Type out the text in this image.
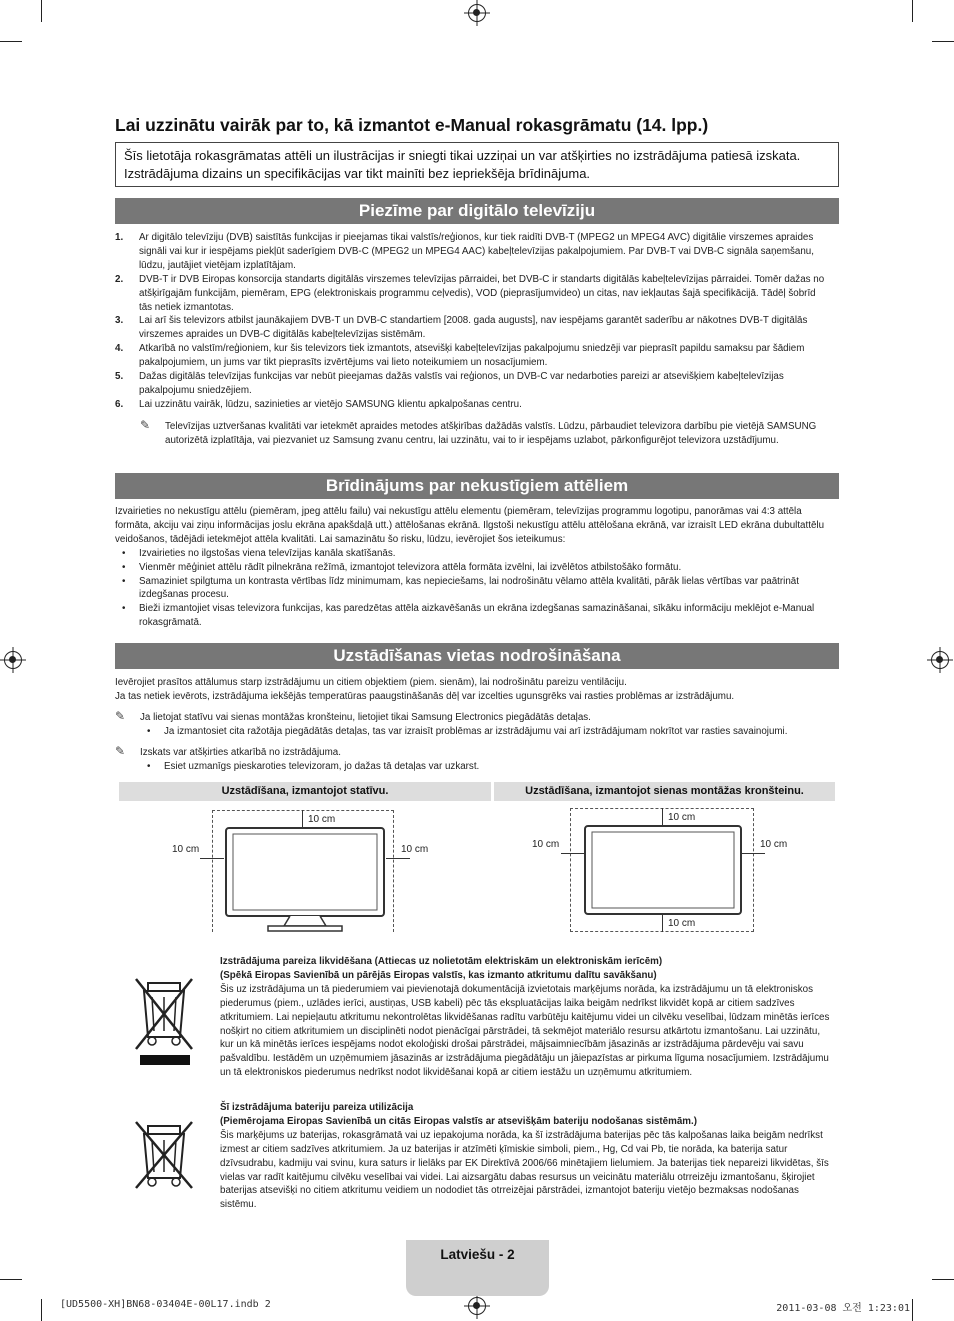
Lai uzzinātu vairāk par to, kā izmantot e-Manual rokasgrāmatu (14. lpp.)
Šīs lietotāja rokasgrāmatas attēli un ilustrācijas ir sniegti tikai uzziņai un var atšķirties no izstrādājuma patiesā izskata. Izstrādājuma dizains un specifikācijas var tikt mainīti bez iepriekšēja brīdinājuma.
Piezīme par digitālo televīziju
1. Ar digitālo televīziju (DVB) saistītās funkcijas ir pieejamas tikai valstīs/reģionos, kur tiek raidīti DVB-T (MPEG2 un MPEG4 AVC) digitālie virszemes apraides signāli vai kur ir iespējams piekļūt saderīgiem DVB-C (MPEG2 un MPEG4 AAC) kabeļtelevīzijas pakalpojumiem. Par DVB-T vai DVB-C signāla saņemšanu, lūdzu, jautājiet vietējam izplatītājam.
2. DVB-T ir DVB Eiropas konsorcija standarts digitālās virszemes televīzijas pārraidei, bet DVB-C ir standarts digitālās kabeļtelevīzijas pārraidei. Tomēr dažas no atšķirīgajām funkcijām, piemēram, EPG (elektroniskais programmu ceļvedis), VOD (pieprasījumvideo) un citas, nav iekļautas šajā specifikācijā. Tādēļ šobrīd tās netiek izmantotas.
3. Lai arī šis televizors atbilst jaunākajiem DVB-T un DVB-C standartiem [2008. gada augusts], nav iespējams garantēt saderību ar nākotnes DVB-T digitālās virszemes apraides un DVB-C digitālās kabeļtelevīzijas sistēmām.
4. Atkarībā no valstīm/reģioniem, kur šis televizors tiek izmantots, atsevišķi kabeļtelevīzijas pakalpojumu sniedzēji var pieprasīt papildu samaksu par šādiem pakalpojumiem, un jums var tikt pieprasīts izvērtējums vai lieto noteikumiem un nosacījumiem.
5. Dažas digitālās televīzijas funkcijas var nebūt pieejamas dažās valstīs vai reģionos, un DVB-C var nedarboties pareizi ar atsevišķiem kabeļtelevīzijas pakalpojumu sniedzējiem.
6. Lai uzzinātu vairāk, lūdzu, sazinieties ar vietējo SAMSUNG klientu apkalpošanas centru.
✎ Televīzijas uztveršanas kvalitāti var ietekmēt apraides metodes atšķirības dažādās valstīs. Lūdzu, pārbaudiet televizora darbību pie vietējā SAMSUNG autorizētā izplatītāja, vai piezvaniet uz Samsung zvanu centru, lai uzzinātu, vai to ir iespējams uzlabot, pārkonfigurējot televizora uzstādījumu.
Brīdinājums par nekustīgiem attēliem
Izvairieties no nekustīgu attēlu (piemēram, jpeg attēlu failu) vai nekustīgu attēlu elementu (piemēram, televīzijas programmu logotipu, panorāmas vai 4:3 attēla formāta, akciju vai ziņu informācijas joslu ekrāna apakšdaļā utt.) attēlošanas ekrānā. Ilgstoši nekustīgu attēlu attēlošana ekrānā, var izraisīt LED ekrāna dubultattēlu veidošanos, tādējādi ietekmējot attēla kvalitāti. Lai samazinātu šo risku, lūdzu, ievērojiet šos ieteikumus:
• Izvairieties no ilgstošas viena televīzijas kanāla skatīšanās.
• Vienmēr mēģiniet attēlu rādīt pilnekrāna režīmā, izmantojot televizora attēla formāta izvēlni, lai izvēlētos atbilstošāko formātu.
• Samaziniet spilgtuma un kontrasta vērtības līdz minimumam, kas nepieciešams, lai nodrošinātu vēlamo attēla kvalitāti, pārāk lielas vērtības var paātrināt izdegšanas procesu.
• Bieži izmantojiet visas televizora funkcijas, kas paredzētas attēla aizkavēšanās un ekrāna izdegšanas samazināšanai, sīkāku informāciju meklējot e-Manual rokasgrāmatā.
Uzstādīšanas vietas nodrošināšana
Ievērojiet prasītos attālumus starp izstrādājumu un citiem objektiem (piem. sienām), lai nodrošinātu pareizu ventilāciju.
Ja tas netiek ievērots, izstrādājuma iekšējās temperatūras paaugstināšanās dēļ var izcelties ugunsgrēks vai rasties problēmas ar izstrādājumu.
✎ Ja lietojat statīvu vai sienas montāžas kronšteinu, lietojiet tikai Samsung Electronics piegādātās detaļas.
• Ja izmantosiet cita ražotāja piegādātās detaļas, tas var izraisīt problēmas ar izstrādājumu vai arī izstrādājumam nokrītot var rasties savainojumi.
✎ Izskats var atšķirties atkarībā no izstrādājuma.
• Esiet uzmanīgs pieskaroties televizoram, jo dažas tā detaļas var uzkarst.
Uzstādīšana, izmantojot statīvu.	Uzstādīšana, izmantojot sienas montāžas kronšteinu.
10 cm
10 cm	10 cm
10 cm
10 cm
10 cm	10 cm
Izstrādājuma pareiza likvidēšana (Attiecas uz nolietotām elektriskām un elektroniskām ierīcēm)
(Spēkā Eiropas Savienībā un pārējās Eiropas valstīs, kas izmanto atkritumu dalītu savākšanu)
Šis uz izstrādājuma un tā piederumiem vai pievienotajā dokumentācijā izvietotais marķējums norāda, ka izstrādājumu un tā elektroniskos piederumus (piem., uzlādes ierīci, austiņas, USB kabeli) pēc tās ekspluatācijas laika beigām nedrīkst likvidēt kopā ar citiem sadzīves atkritumiem. Lai nepieļautu atkritumu nekontrolētas likvidēšanas radītu varbūtēju kaitējumu videi un cilvēku veselībai, lūdzam minētās ierīces nošķirt no citiem atkritumiem un disciplinēti nodot pienācīgai pārstrādei, tā sekmējot materiālo resursu atkārtotu izmantošanu. Lai uzzinātu, kur un kā minētās ierīces iespējams nodot ekoloģiski drošai pārstrādei, mājsaimniecībām jāsazinās ar izstrādājuma pārdevēju vai savu pašvaldību. Iestādēm un uzņēmumiem jāsazinās ar izstrādājuma piegādātāju un jāiepazīstas ar pirkuma līguma nosacījumiem. Izstrādājumu un tā elektroniskos piederumus nedrīkst nodot likvidēšanai kopā ar citiem iestāžu un uzņēmumu atkritumiem.
Šī izstrādājuma bateriju pareiza utilizācija
(Piemērojama Eiropas Savienībā un citās Eiropas valstīs ar atsevišķām bateriju nodošanas sistēmām.)
Šis marķējums uz baterijas, rokasgrāmatā vai uz iepakojuma norāda, ka šī izstrādājuma baterijas pēc tās kalpošanas laika beigām nedrīkst izmest ar citiem sadzīves atkritumiem. Ja uz baterijas ir atzīmēti ķīmiskie simboli, piem., Hg, Cd vai Pb, tie norāda, ka baterija satur dzīvsudrabu, kadmiju vai svinu, kura saturs ir lielāks par EK Direktīvā 2006/66 minētajiem lielumiem. Ja baterijas tiek nepareizi likvidētas, šīs vielas var radīt kaitējumu cilvēku veselībai vai videi. Lai aizsargātu dabas resursus un veicinātu materiālu otrreizēju izmantošanu, šķirojiet baterijas atsevišķi no citiem atkritumu veidiem un nododiet tās otrreizējai pārstrādei, izmantojot bateriju vietējo bezmaksas nodošanas sistēmu.
Latviešu - 2
[UD5500-XH]BN68-03404E-00L17.indb 2	2011-03-08 오전 1:23:01
